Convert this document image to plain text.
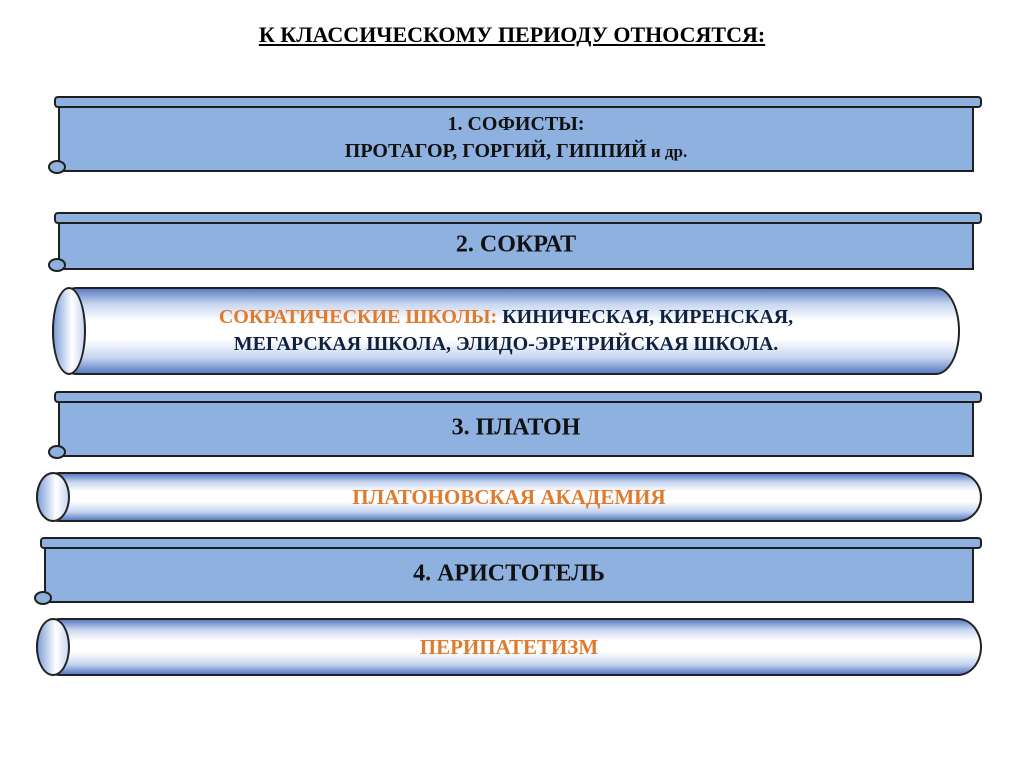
К КЛАССИЧЕСКОМУ ПЕРИОДУ ОТНОСЯТСЯ:
1. СОФИСТЫ:
ПРОТАГОР, ГОРГИЙ, ГИППИЙ и др.
2. СОКРАТ
СОКРАТИЧЕСКИЕ ШКОЛЫ: КИНИЧЕСКАЯ, КИРЕНСКАЯ,
МЕГАРСКАЯ ШКОЛА, ЭЛИДО-ЭРЕТРИЙСКАЯ ШКОЛА.
3. ПЛАТОН
ПЛАТОНОВСКАЯ АКАДЕМИЯ
4. АРИСТОТЕЛЬ
ПЕРИПАТЕТИЗМ
